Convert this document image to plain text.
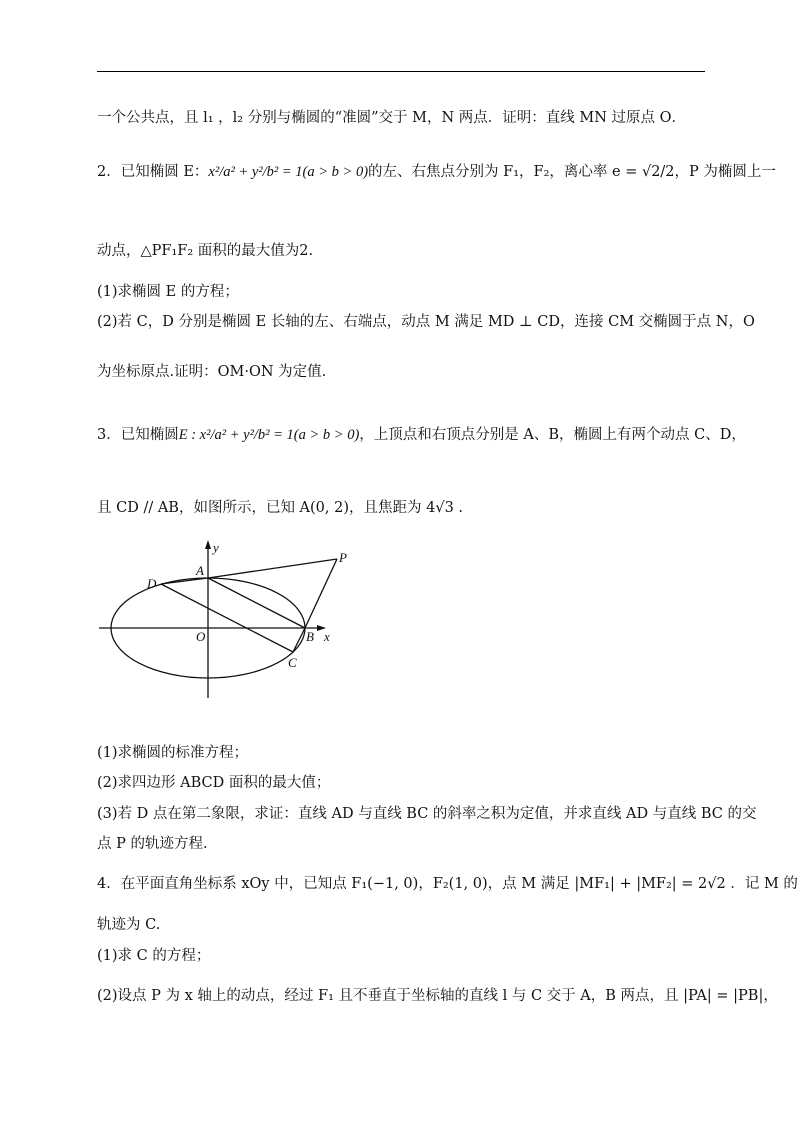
一个公共点，且 l₁ ，l₂ 分别与椭圆的“准圆”交于 M，N 两点．证明：直线 MN 过原点 O．
2．已知椭圆 E：x²/a² + y²/b² = 1(a > b > 0)的左、右焦点分别为 F₁，F₂，离心率 e = √2/2，P 为椭圆上一
动点，△PF₁F₂ 面积的最大值为2.
(1)求椭圆 E 的方程；
(2)若 C，D 分别是椭圆 E 长轴的左、右端点，动点 M 满足 MD ⊥ CD，连接 CM 交椭圆于点 N，O
为坐标原点.证明：OM·ON 为定值.
3．已知椭圆E : x²/a² + y²/b² = 1(a > b > 0)，上顶点和右顶点分别是 A、B，椭圆上有两个动点 C、D，
且 CD // AB，如图所示，已知 A(0, 2)，且焦距为 4√3 .
y
x
O
A
B
C
D
P
(1)求椭圆的标准方程；
(2)求四边形 ABCD 面积的最大值；
(3)若 D 点在第二象限，求证：直线 AD 与直线 BC 的斜率之积为定值，并求直线 AD 与直线 BC 的交
点 P 的轨迹方程.
4．在平面直角坐标系 xOy 中，已知点 F₁(−1, 0)，F₂(1, 0)，点 M 满足 |MF₁| + |MF₂| = 2√2 ．记 M 的
轨迹为 C.
(1)求 C 的方程；
(2)设点 P 为 x 轴上的动点，经过 F₁ 且不垂直于坐标轴的直线 l 与 C 交于 A，B 两点，且 |PA| = |PB|，
